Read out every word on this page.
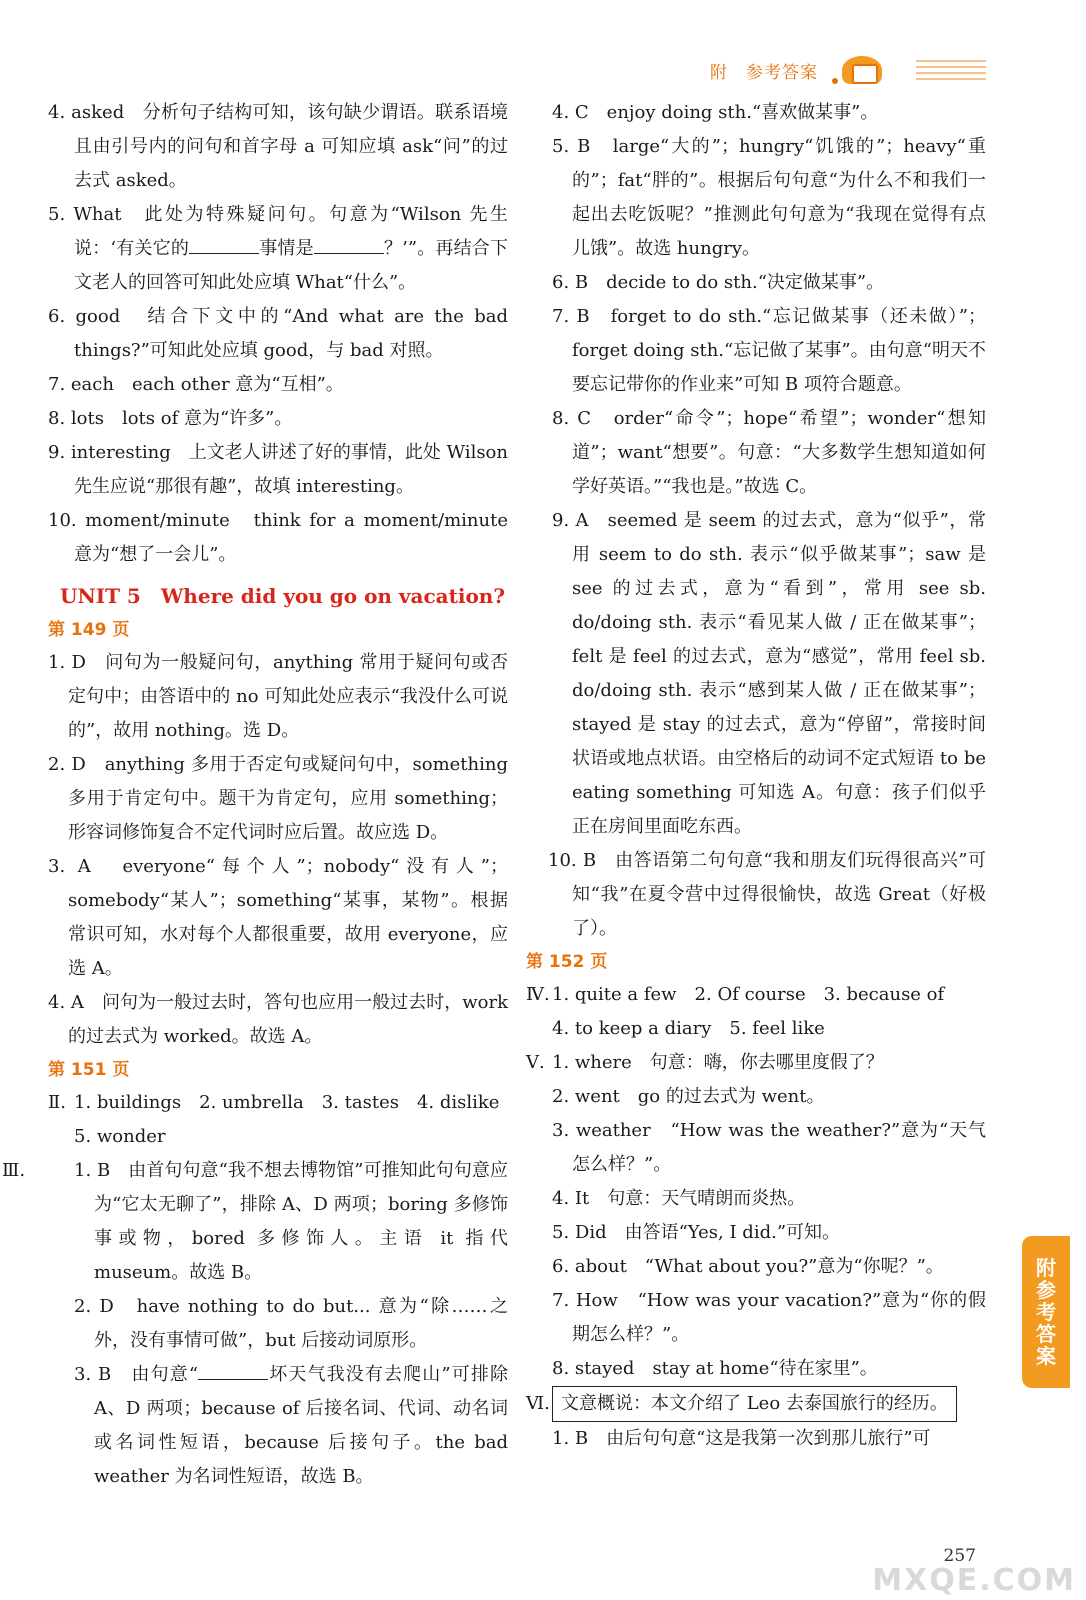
附　参考答案

4. asked　分析句子结构可知，该句缺少谓语。联系语境且由引号内的问句和首字母 a 可知应填 ask“问”的过去式 asked。

5. What　此处为特殊疑问句。句意为“Wilson 先生说：‘有关它的	事情是	？’”。再结合下文老人的回答可知此处应填 What“什么”。

6. good　结合下文中的“And what are the bad things?”可知此处应填 good，与 bad 对照。

7. each　each other 意为“互相”。

8. lots　lots of 意为“许多”。

9. interesting　上文老人讲述了好的事情，此处 Wilson 先生应说“那很有趣”，故填 interesting。

10. moment/minute　think for a moment/minute 意为“想了一会儿”。

UNIT 5　Where did you go on vacation?
第 149 页

1. D　问句为一般疑问句，anything 常用于疑问句或否定句中；由答语中的 no 可知此处应表示“我没什么可说的”，故用 nothing。选 D。

2. D　anything 多用于否定句或疑问句中，something 多用于肯定句中。题干为肯定句，应用 something；形容词修饰复合不定代词时应后置。故应选 D。

3. A　everyone“每个人”；nobody“没有人”；somebody“某人”；something“某事，某物”。根据常识可知，水对每个人都很重要，故用 everyone，应选 A。

4. A　问句为一般过去时，答句也应用一般过去时，work 的过去式为 worked。故选 A。

第 151 页

Ⅱ. 1. buildings　2. umbrella　3. tastes　4. dislike

5. wonder

Ⅲ.	1. B　由首句句意“我不想去博物馆”可推知此句句意应为“它太无聊了”，排除 A、D 两项；boring 多修饰事或物，bored 多修饰人。主语 it 指代 museum。故选 B。

2. D　have nothing to do but... 意为“除……之外，没有事情可做”，but 后接动词原形。

3. B　由句意“	坏天气我没有去爬山”可排除 A、D 两项；because of 后接名词、代词、动名词或名词性短语，because 后接句子。the bad weather 为名词性短语，故选 B。

4. C　enjoy doing sth.“喜欢做某事”。

5. B　large“大的”；hungry“饥饿的”；heavy“重的”；fat“胖的”。根据后句句意“为什么不和我们一起出去吃饭呢？”推测此句句意为“我现在觉得有点儿饿”。故选 hungry。

6. B　decide to do sth.“决定做某事”。

7. B　forget to do sth.“忘记做某事（还未做）”；forget doing sth.“忘记做了某事”。由句意“明天不要忘记带你的作业来”可知 B 项符合题意。

8. C　order“命令”；hope“希望”；wonder“想知道”；want“想要”。句意：“大多数学生想知道如何学好英语。”“我也是。”故选 C。

9. A　seemed 是 seem 的过去式，意为“似乎”，常用 seem to do sth. 表示“似乎做某事”；saw 是 see 的过去式，意为“看到”，常用 see sb. do/doing sth. 表示“看见某人做 / 正在做某事”；felt 是 feel 的过去式，意为“感觉”，常用 feel sb. do/doing sth. 表示“感到某人做 / 正在做某事”；stayed 是 stay 的过去式，意为“停留”，常接时间状语或地点状语。由空格后的动词不定式短语 to be eating something 可知选 A。句意：孩子们似乎正在房间里面吃东西。

10. B　由答语第二句句意“我和朋友们玩得很高兴”可知“我”在夏令营中过得很愉快，故选 Great（好极了）。

第 152 页

Ⅳ. 1. quite a few　2. Of course　3. because of

4. to keep a diary　5. feel like

Ⅴ. 1. where　句意：嗨，你去哪里度假了？

2. went　go 的过去式为 went。

3. weather　“How was the weather?”意为“天气怎么样？”。

4. It　句意：天气晴朗而炎热。

5. Did　由答语“Yes, I did.”可知。

6. about　“What about you?”意为“你呢？”。

7. How　“How was your vacation?”意为“你的假期怎么样？”。

8. stayed　stay at home“待在家里”。

Ⅵ. 文意概说：本文介绍了 Leo 去泰国旅行的经历。

1. B　由后句句意“这是我第一次到那儿旅行”可

附
参
考
答
案
257
MXQE.COM
